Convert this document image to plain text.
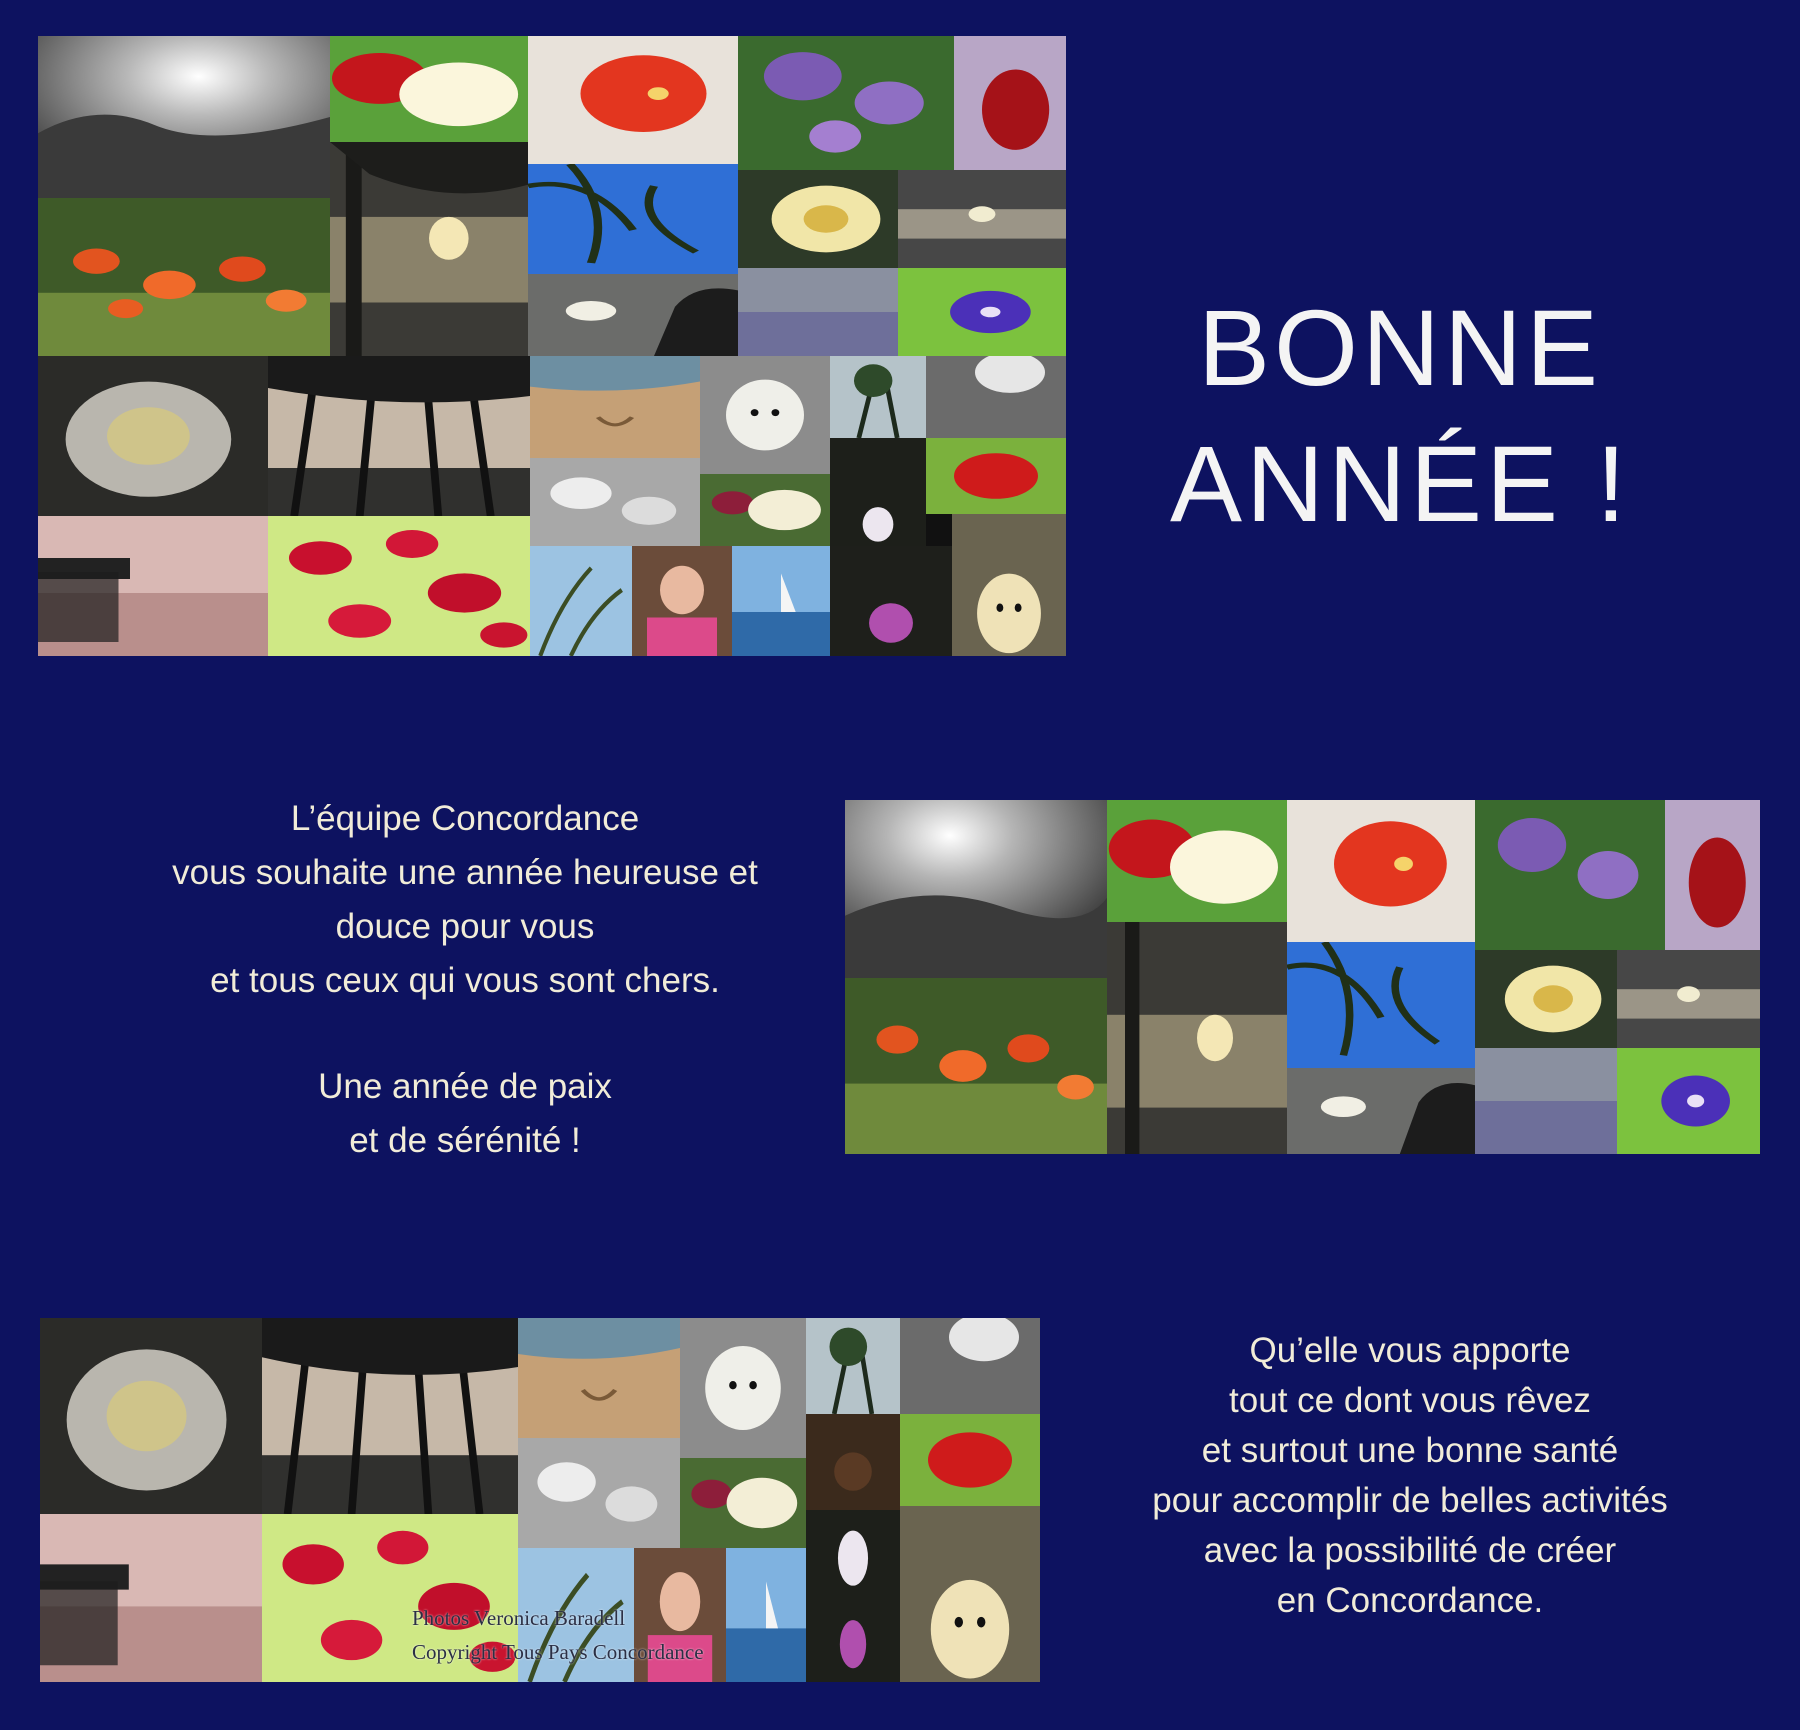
BONNE
ANNÉE !
L’équipe Concordance
vous souhaite une année heureuse et
douce pour vous
et tous ceux qui vous sont chers.
Une année de paix
et de sérénité !
Photos Veronica Baradell
Copyright Tous Pays Concordance
Qu’elle vous apporte
tout ce dont vous rêvez
et surtout une bonne santé
pour accomplir de belles activités
avec la possibilité de créer
en Concordance.
